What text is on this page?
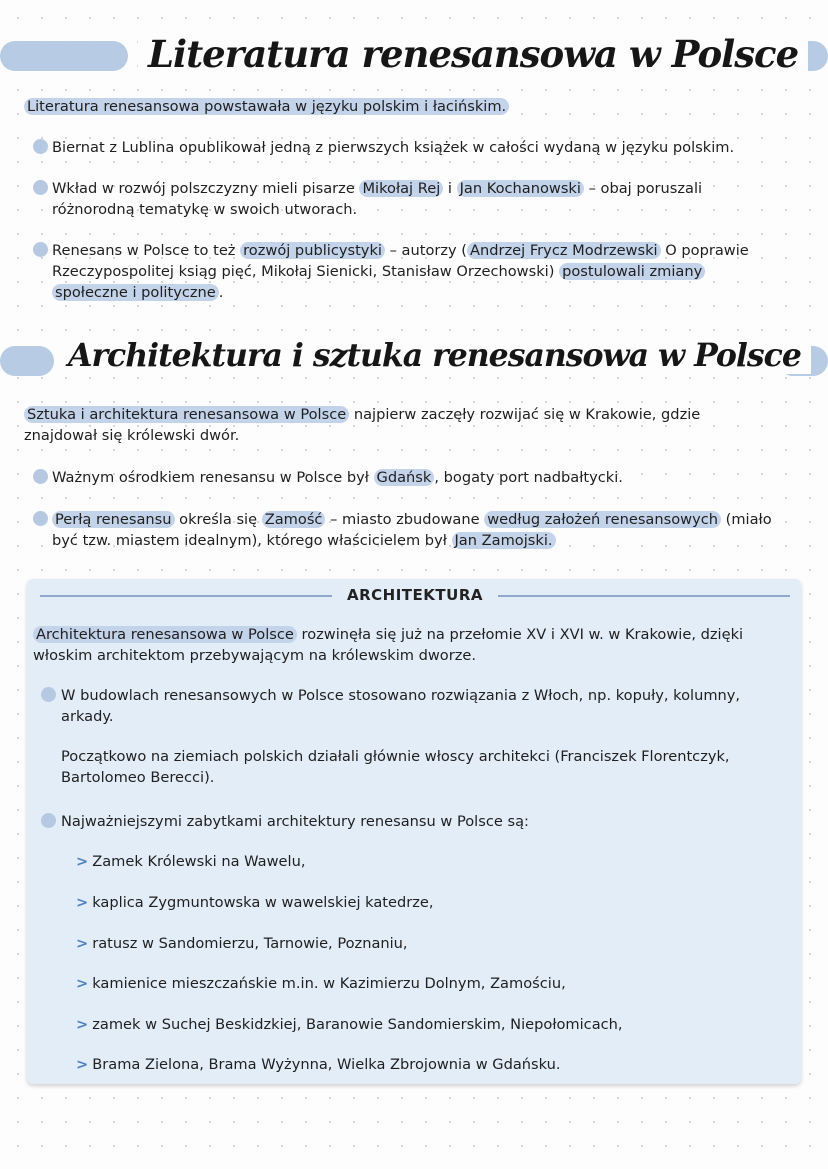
Literatura renesansowa w Polsce

Literatura renesansowa powstawała w języku polskim i łacińskim.

Biernat z Lublina opublikował jedną z pierwszych książek w całości wydaną w języku polskim.

Wkład w rozwój polszczyzny mieli pisarze Mikołaj Rej i Jan Kochanowski – obaj poruszali

różnorodną tematykę w swoich utworach.

Renesans w Polsce to też rozwój publicystyki – autorzy ( Andrzej Frycz Modrzewski O poprawie

Rzeczypospolitej ksiąg pięć, Mikołaj Sienicki, Stanisław Orzechowski) postulowali zmiany

społeczne i polityczne .

Architektura i sztuka renesansowa w Polsce

Sztuka i architektura renesansowa w Polsce najpierw zaczęły rozwijać się w Krakowie, gdzie

znajdował się królewski dwór.

Ważnym ośrodkiem renesansu w Polsce był Gdańsk , bogaty port nadbałtycki.

Perłą renesansu określa się Zamość – miasto zbudowane według założeń renesansowych (miało

być tzw. miastem idealnym), którego właścicielem był Jan Zamojski.

ARCHITEKTURA

Architektura renesansowa w Polsce rozwinęła się już na przełomie XV i XVI w. w Krakowie, dzięki

włoskim architektom przebywającym na królewskim dworze.

W budowlach renesansowych w Polsce stosowano rozwiązania z Włoch, np. kopuły, kolumny,

arkady.

Początkowo na ziemiach polskich działali głównie włoscy architekci (Franciszek Florentczyk,

Bartolomeo Berecci).

Najważniejszymi zabytkami architektury renesansu w Polsce są:

> Zamek Królewski na Wawelu,

> kaplica Zygmuntowska w wawelskiej katedrze,

> ratusz w Sandomierzu, Tarnowie, Poznaniu,

> kamienice mieszczańskie m.in. w Kazimierzu Dolnym, Zamościu,

> zamek w Suchej Beskidzkiej, Baranowie Sandomierskim, Niepołomicach,

> Brama Zielona, Brama Wyżynna, Wielka Zbrojownia w Gdańsku.
